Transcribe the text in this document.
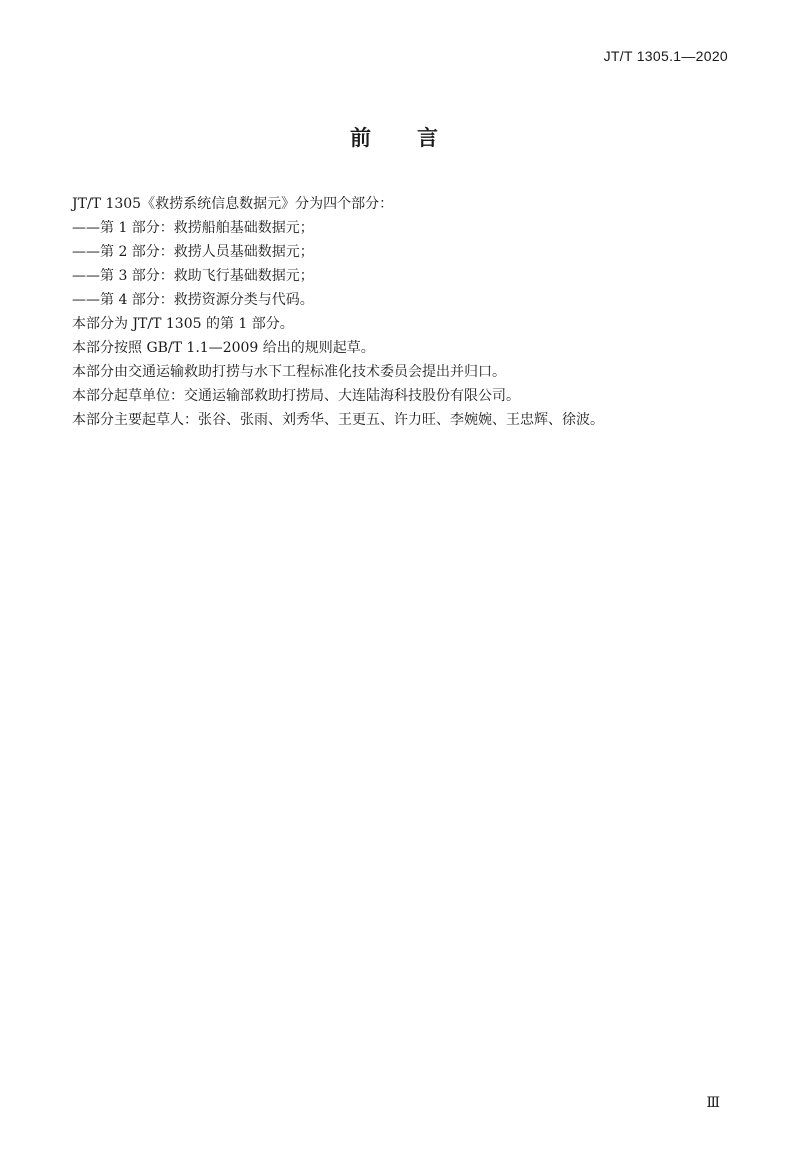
JT/T 1305.1—2020
前 言
JT/T 1305《救捞系统信息数据元》分为四个部分：
——第 1 部分：救捞船舶基础数据元；
——第 2 部分：救捞人员基础数据元；
——第 3 部分：救助飞行基础数据元；
——第 4 部分：救捞资源分类与代码。
本部分为 JT/T 1305 的第 1 部分。
本部分按照 GB/T 1.1—2009 给出的规则起草。
本部分由交通运输救助打捞与水下工程标准化技术委员会提出并归口。
本部分起草单位：交通运输部救助打捞局、大连陆海科技股份有限公司。
本部分主要起草人：张谷、张雨、刘秀华、王更五、许力旺、李婉婉、王忠辉、徐波。
Ⅲ
